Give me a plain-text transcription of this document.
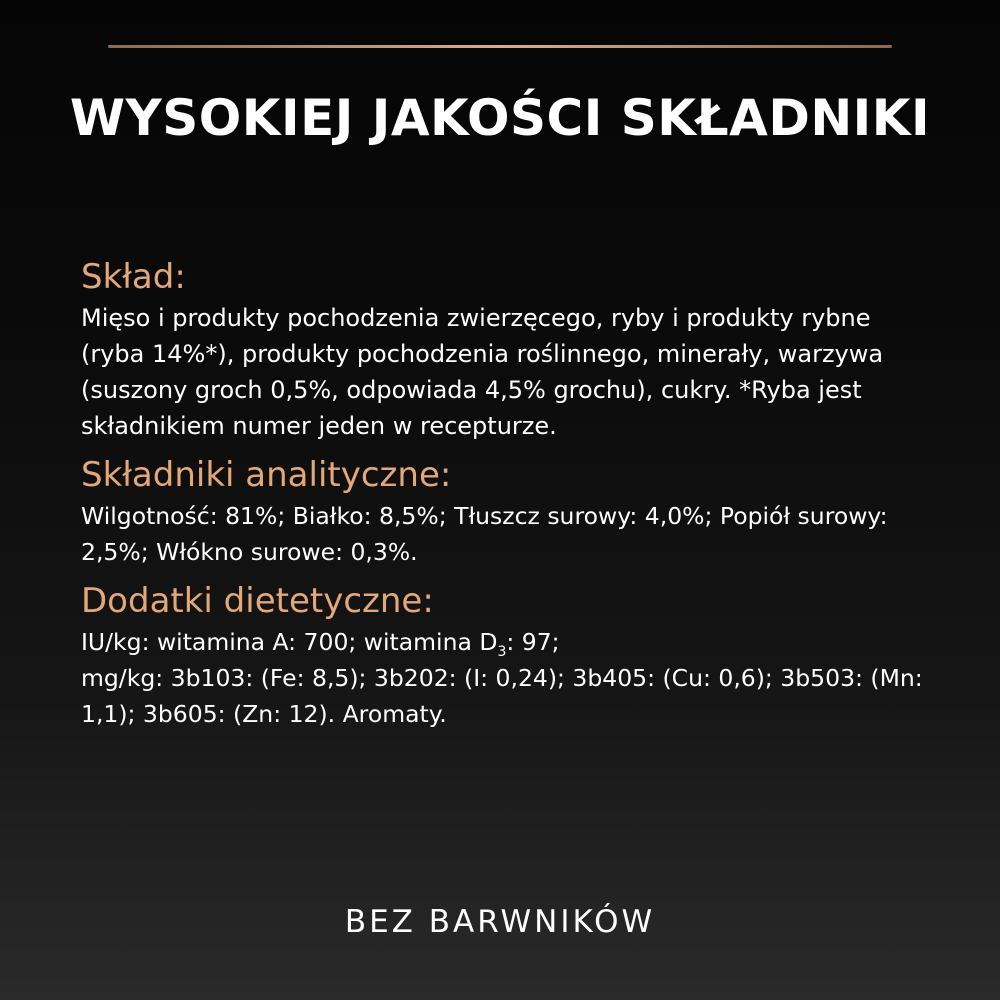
WYSOKIEJ JAKOŚCI SKŁADNIKI
Skład:

Mięso i produkty pochodzenia zwierzęcego, ryby i produkty rybne (ryba 14%*), produkty pochodzenia roślinnego, minerały, warzywa (suszony groch 0,5%, odpowiada 4,5% grochu), cukry. *Ryba jest składnikiem numer jeden w recepturze.

Składniki analityczne:

Wilgotność: 81%; Białko: 8,5%; Tłuszcz surowy: 4,0%; Popiół surowy: 2,5%; Włókno surowe: 0,3%.

Dodatki dietetyczne:

IU/kg: witamina A: 700; witamina $D_3$: 97;
mg/kg: 3b103: (Fe: 8,5); 3b202: (I: 0,24); 3b405: (Cu: 0,6); 3b503: (Mn: 1,1); 3b605: (Zn: 12). Aromaty.

BEZ BARWNIKÓW
